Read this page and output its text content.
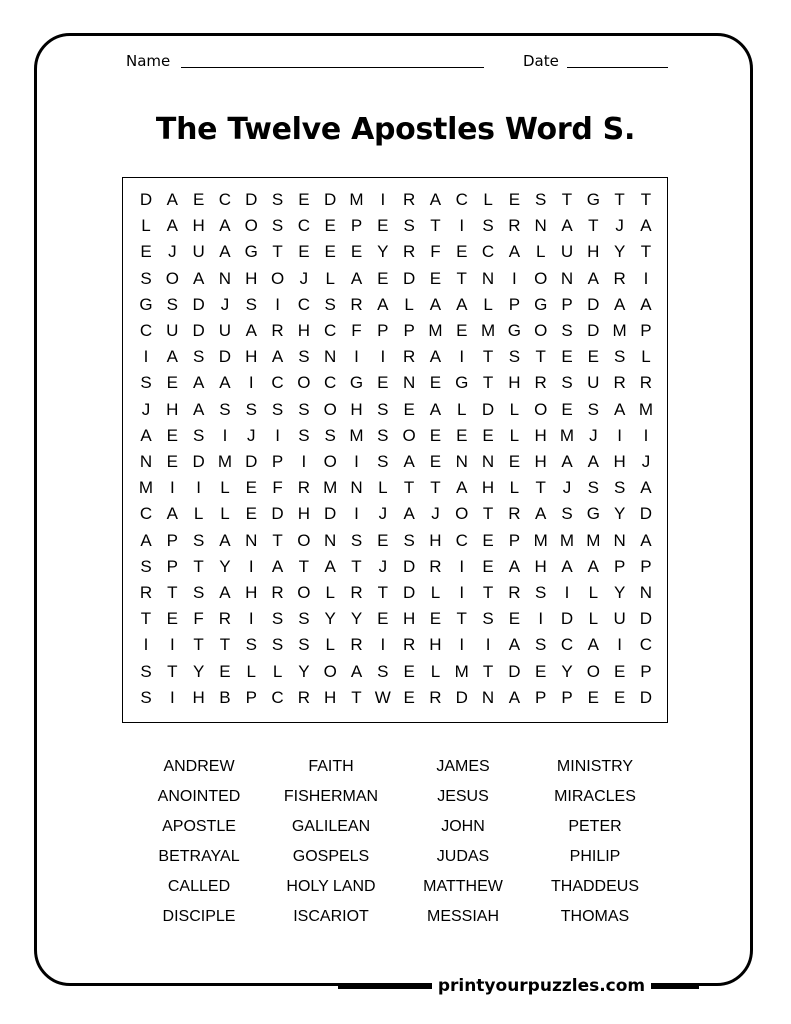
Name	Date
The Twelve Apostles Word S.
D A E C D S E D M I	R A C L E S T G T T
L A H A O S C E P E S T	I	S R N A T J A
E J U A G T E E E Y R F E C A L U H Y T
S O A N H O J	L A E D E T N	I	O N A R	I
G S D J S	I	C S R A L A A L P G P D A A
C U D U A R H C F P P M E M G O S D M P
I	A S D H A S N	I	I	R A	I	T S T E E S L
S E A A	I	C O C G E N E G T H R S U R R
J H A S S S S O H S E A L D L O E S A M
A E S	I	J	I	S S M S O E E E L H M J	I	I
N E D M D P	I	O	I	S A E N N E H A A H J
M I	I	L E F R M N L T T A H L T J S S A
C A L L E D H D	I	J A J O T R A S G Y D
A P S A N T O N S E S H C E P M M M N A
S P T Y	I	A T A T J D R	I	E A H A A P P
R T S A H R O L R T D L	I	T R S	I	L Y N
T E F R	I	S S Y Y E H E T S E	I	D L U D
I	I	T T S S S L R	I	R H	I	I	A S C A	I	C
S T Y E L L Y O A S E L M T D E Y O E P
S	I	H B P C R H T W E R D N A P P E E D
ANDREW	FAITH	JAMES	MINISTRY
ANOINTED	FISHERMAN	JESUS	MIRACLES
APOSTLE	GALILEAN	JOHN	PETER
BETRAYAL	GOSPELS	JUDAS	PHILIP
CALLED	HOLY LAND	MATTHEW	THADDEUS
DISCIPLE	ISCARIOT	MESSIAH	THOMAS
printyourpuzzles.com
